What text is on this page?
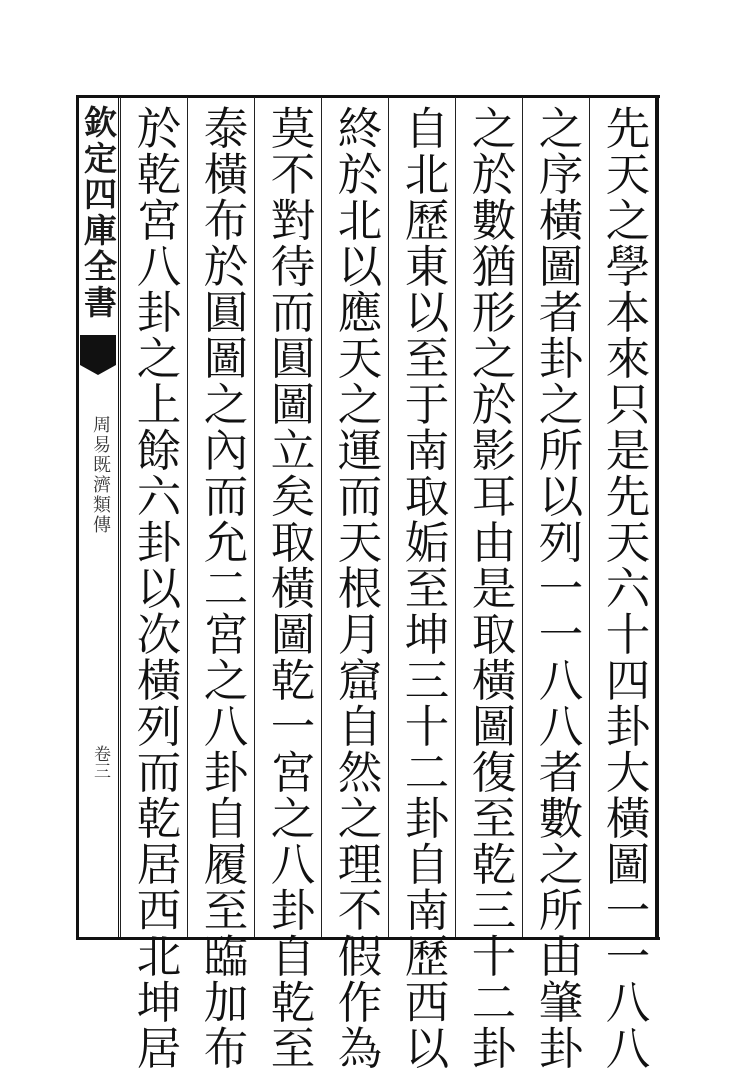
欽定四庫全書
周易既濟類傳
卷三	先天之學本來只是先天六十四卦大橫圖一一八八
之序橫圖者卦之所以列一一八八者數之所由肇卦
之於數猶形之於影耳由是取橫圖復至乾三十二卦
自北歷東以至于南取姤至坤三十二卦自南歷西以
終於北以應天之運而天根月窟自然之理不假作為
莫不對待而圓圖立矣取橫圖乾一宮之八卦自乾至
泰橫布於圓圖之內而允二宮之八卦自履至臨加布
於乾宮八卦之上餘六卦以次橫列而乾居西北坤居
